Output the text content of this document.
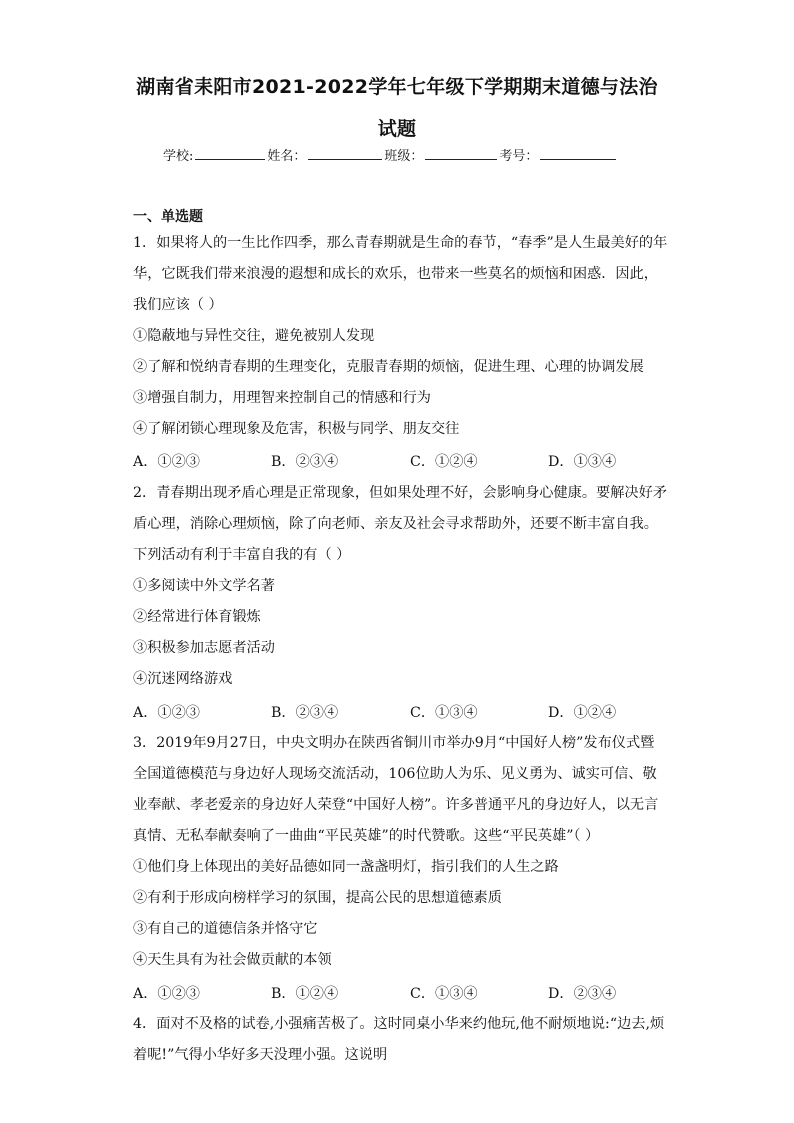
湖南省耒阳市2021-2022学年七年级下学期期末道德与法治
试题
学校:	姓名：	班级：	考号：
一、单选题
1．如果将人的一生比作四季，那么青春期就是生命的春节，“春季”是人生最美好的年
华，它既我们带来浪漫的遐想和成长的欢乐，也带来一些莫名的烦恼和困惑．因此，
我们应该（ ）
①隐蔽地与异性交往，避免被别人发现
②了解和悦纳青春期的生理变化，克服青春期的烦恼，促进生理、心理的协调发展
③增强自制力，用理智来控制自己的情感和行为
④了解闭锁心理现象及危害，积极与同学、朋友交往
A．①②③	B．②③④	C．①②④	D．①③④
2．青春期出现矛盾心理是正常现象，但如果处理不好，会影响身心健康。要解决好矛
盾心理，消除心理烦恼，除了向老师、亲友及社会寻求帮助外，还要不断丰富自我。
下列活动有利于丰富自我的有（ ）
①多阅读中外文学名著
②经常进行体育锻炼
③积极参加志愿者活动
④沉迷网络游戏
A．①②③	B．②③④	C．①③④	D．①②④
3．2019年9月27日，中央文明办在陕西省铜川市举办9月“中国好人榜”发布仪式暨
全国道德模范与身边好人现场交流活动，106位助人为乐、见义勇为、诚实可信、敬
业奉献、孝老爱亲的身边好人荣登“中国好人榜”。许多普通平凡的身边好人，以无言
真情、无私奉献奏响了一曲曲“平民英雄”的时代赞歌。这些“平民英雄”（ ）
①他们身上体现出的美好品德如同一盏盏明灯，指引我们的人生之路
②有利于形成向榜样学习的氛围，提高公民的思想道德素质
③有自己的道德信条并恪守它
④天生具有为社会做贡献的本领
A．①②③	B．①②④	C．①③④	D．②③④
4．面对不及格的试卷,小强痛苦极了。这时同桌小华来约他玩,他不耐烦地说:“边去,烦
着呢!”气得小华好多天没理小强。这说明
